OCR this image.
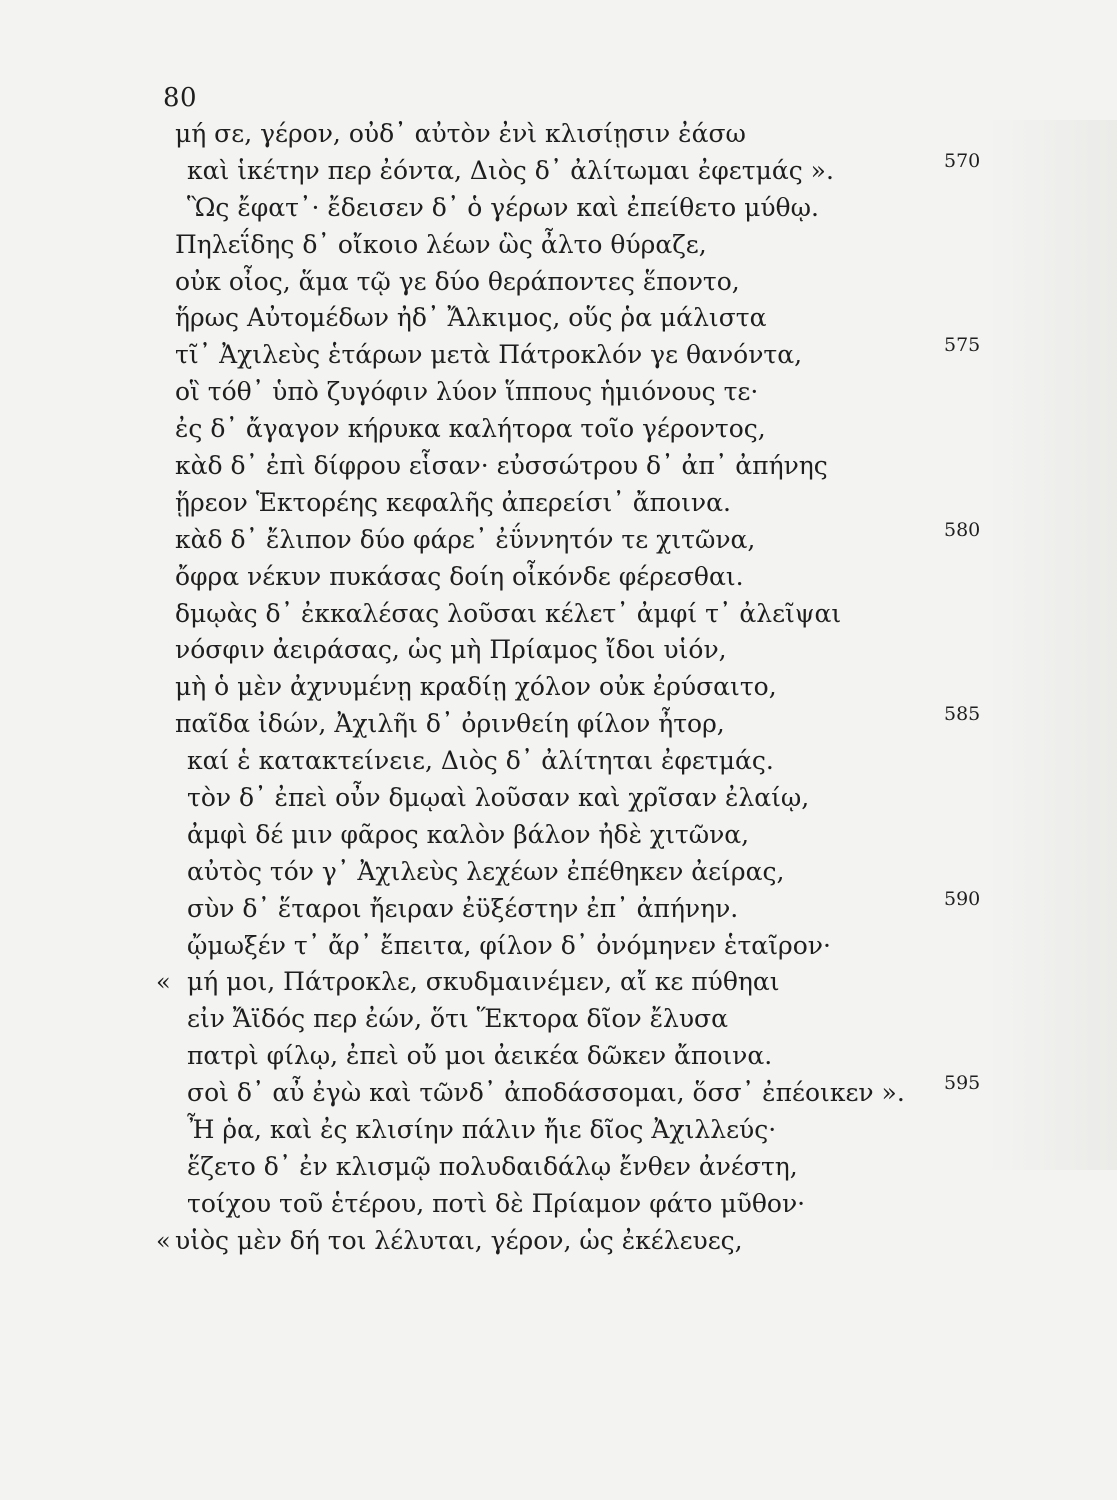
80
μή σε, γέρον, οὐδ᾽ αὐτὸν ἐνὶ κλισίῃσιν ἐάσω
καὶ ἱκέτην περ ἐόντα, Διὸς δ᾽ ἀλίτωμαι ἐφετμάς ».	570
Ὣς ἔφατ᾽· ἔδεισεν δ᾽ ὁ γέρων καὶ ἐπείθετο μύθῳ.
Πηλεΐδης δ᾽ οἴκοιο λέων ὣς ἆλτο θύραζε,
οὐκ οἶος, ἅμα τῷ γε δύο θεράποντες ἕποντο,
ἥρως Αὐτομέδων ἠδ᾽ Ἄλκιμος, οὕς ῥα μάλιστα
τῖ᾽ Ἀχιλεὺς ἑτάρων μετὰ Πάτροκλόν γε θανόντα,	575
οἳ τόθ᾽ ὑπὸ ζυγόφιν λύον ἵππους ἡμιόνους τε·
ἐς δ᾽ ἄγαγον κήρυκα καλήτορα τοῖο γέροντος,
κὰδ δ᾽ ἐπὶ δίφρου εἷσαν· εὐσσώτρου δ᾽ ἀπ᾽ ἀπήνης
ᾕρεον Ἑκτορέης κεφαλῆς ἀπερείσι᾽ ἄποινα.
κὰδ δ᾽ ἔλιπον δύο φάρε᾽ ἐΰννητόν τε χιτῶνα,	580
ὄφρα νέκυν πυκάσας δοίη οἶκόνδε φέρεσθαι.
δμῳὰς δ᾽ ἐκκαλέσας λοῦσαι κέλετ᾽ ἀμφί τ᾽ ἀλεῖψαι
νόσφιν ἀειράσας, ὡς μὴ Πρίαμος ἴδοι υἱόν,
μὴ ὁ μὲν ἀχνυμένῃ κραδίῃ χόλον οὐκ ἐρύσαιτο,
παῖδα ἰδών, Ἀχιλῆι δ᾽ ὀρινθείη φίλον ἦτορ,	585
καί ἑ κατακτείνειε, Διὸς δ᾽ ἀλίτηται ἐφετμάς.
τὸν δ᾽ ἐπεὶ οὖν δμῳαὶ λοῦσαν καὶ χρῖσαν ἐλαίῳ,
ἀμφὶ δέ μιν φᾶρος καλὸν βάλον ἠδὲ χιτῶνα,
αὐτὸς τόν γ᾽ Ἀχιλεὺς λεχέων ἐπέθηκεν ἀείρας,
σὺν δ᾽ ἕταροι ἤειραν ἐϋξέστην ἐπ᾽ ἀπήνην.	590
ᾤμωξέν τ᾽ ἄρ᾽ ἔπειτα, φίλον δ᾽ ὀνόμηνεν ἑταῖρον·
« μή μοι, Πάτροκλε, σκυδμαινέμεν, αἴ κε πύθηαι
εἰν Ἄϊδός περ ἐών, ὅτι Ἕκτορα δῖον ἔλυσα
πατρὶ φίλῳ, ἐπεὶ οὔ μοι ἀεικέα δῶκεν ἄποινα.
σοὶ δ᾽ αὖ ἐγὼ καὶ τῶνδ᾽ ἀποδάσσομαι, ὅσσ᾽ ἐπέοικεν ». 595
Ἦ ῥα, καὶ ἐς κλισίην πάλιν ἤιε δῖος Ἀχιλλεύς·
ἕζετο δ᾽ ἐν κλισμῷ πολυδαιδάλῳ ἔνθεν ἀνέστη,
τοίχου τοῦ ἑτέρου, ποτὶ δὲ Πρίαμον φάτο μῦθον·
« υἱὸς μὲν δή τοι λέλυται, γέρον, ὡς ἐκέλευες,
